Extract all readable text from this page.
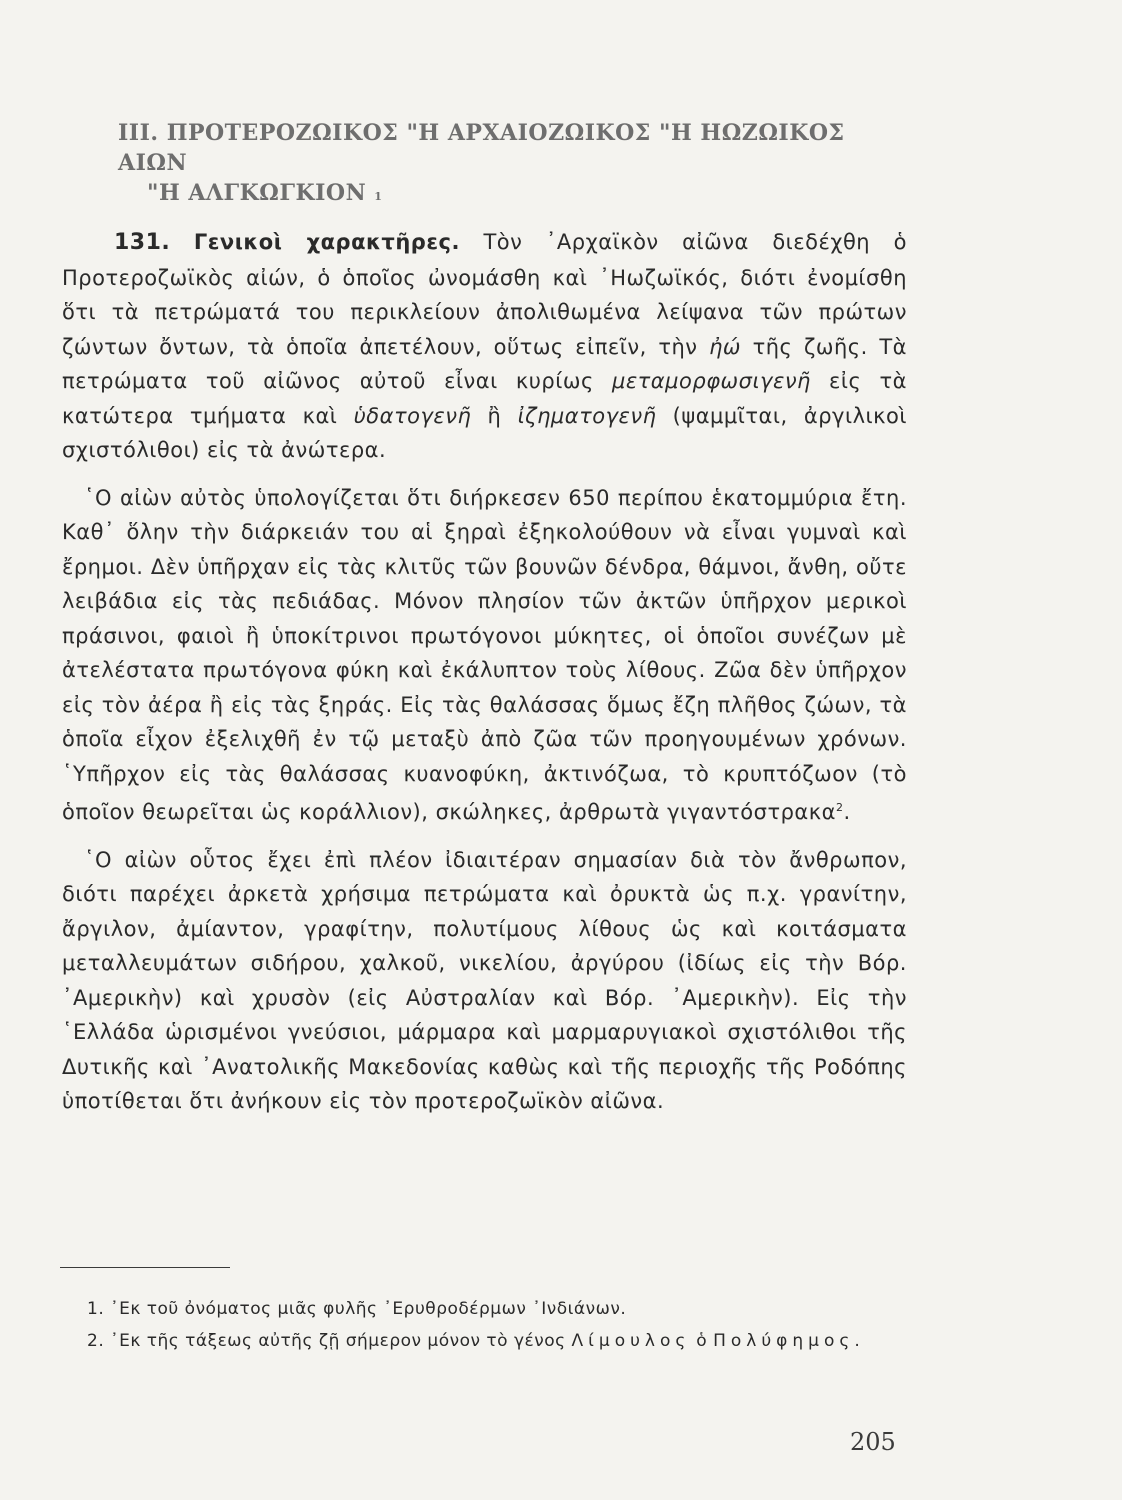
III. ΠΡΟΤΕΡΟΖΩΙΚΟΣ "Η ΑΡΧΑΙΟΖΩΙΚΟΣ "Η ΗΩΖΩΙΚΟΣ ΑΙΩΝ
"Η ΑΛΓΚΩΓΚΙΟΝ 1

131. Γενικοὶ χαρακτῆρες. Τὸν ᾿Αρχαϊκὸν αἰῶνα διεδέχθη ὁ Προτεροζωϊκὸς αἰών, ὁ ὁποῖος ὠνομάσθη καὶ ᾿Ηωζωϊκός, διότι ἐνομίσθη ὅτι τὰ πετρώματά του περικλείουν ἀπολιθωμένα λείψανα τῶν πρώτων ζώντων ὄντων, τὰ ὁποῖα ἀπετέλουν, οὕτως εἰπεῖν, τὴν ἠώ τῆς ζωῆς. Τὰ πετρώματα τοῦ αἰῶνος αὐτοῦ εἶναι κυρίως μεταμορφωσιγενῆ εἰς τὰ κατώτερα τμήματα καὶ ὑδατογενῆ ἢ ἰζηματογενῆ (ψαμμῖται, ἀργιλικοὶ σχιστόλιθοι) εἰς τὰ ἀνώτερα.

῾Ο αἰὼν αὐτὸς ὑπολογίζεται ὅτι διήρκεσεν 650 περίπου ἑκατομμύρια ἔτη. Καθ᾿ ὅλην τὴν διάρκειάν του αἱ ξηραὶ ἐξηκολούθουν νὰ εἶναι γυμναὶ καὶ ἔρημοι. Δὲν ὑπῆρχαν εἰς τὰς κλιτῦς τῶν βουνῶν δένδρα, θάμνοι, ἄνθη, οὔτε λειβάδια εἰς τὰς πεδιάδας. Μόνον πλησίον τῶν ἀκτῶν ὑπῆρχον μερικοὶ πράσινοι, φαιοὶ ἢ ὑποκίτρινοι πρωτόγονοι μύκητες, οἱ ὁποῖοι συνέζων μὲ ἀτελέστατα πρωτόγονα φύκη καὶ ἐκάλυπτον τοὺς λίθους. Ζῶα δὲν ὑπῆρχον εἰς τὸν ἀέρα ἢ εἰς τὰς ξηράς. Εἰς τὰς θαλάσσας ὅμως ἔζη πλῆθος ζώων, τὰ ὁποῖα εἶχον ἐξελιχθῆ ἐν τῷ μεταξὺ ἀπὸ ζῶα τῶν προηγουμένων χρόνων. ῾Υπῆρχον εἰς τὰς θαλάσσας κυανοφύκη, ἀκτινόζωα, τὸ κρυπτόζωον (τὸ ὁποῖον θεωρεῖται ὡς κοράλλιον), σκώληκες, ἀρθρωτὰ γιγαντόστρακα$^2$.

῾Ο αἰὼν οὗτος ἔχει ἐπὶ πλέον ἰδιαιτέραν σημασίαν διὰ τὸν ἄνθρωπον, διότι παρέχει ἀρκετὰ χρήσιμα πετρώματα καὶ ὀρυκτὰ ὡς π.χ. γρανίτην, ἄργιλον, ἀμίαντον, γραφίτην, πολυτίμους λίθους ὡς καὶ κοιτάσματα μεταλλευμάτων σιδήρου, χαλκοῦ, νικελίου, ἀργύρου (ἰδίως εἰς τὴν Βόρ. ᾿Αμερικὴν) καὶ χρυσὸν (εἰς Αὐστραλίαν καὶ Βόρ. ᾿Αμερικὴν). Εἰς τὴν ῾Ελλάδα ὡρισμένοι γνεύσιοι, μάρμαρα καὶ μαρμαρυγιακοὶ σχιστόλιθοι τῆς Δυτικῆς καὶ ᾿Ανατολικῆς Μακεδονίας καθὼς καὶ τῆς περιοχῆς τῆς Ροδόπης ὑποτίθεται ὅτι ἀνήκουν εἰς τὸν προτεροζωϊκὸν αἰῶνα.

1. ᾿Εκ τοῦ ὀνόματος μιᾶς φυλῆς ᾿Ερυθροδέρμων ᾿Ινδιάνων.
2. ᾿Εκ τῆς τάξεως αὐτῆς ζῇ σήμερον μόνον τὸ γένος Λίμουλος ὁ Πολύφημος.
205
